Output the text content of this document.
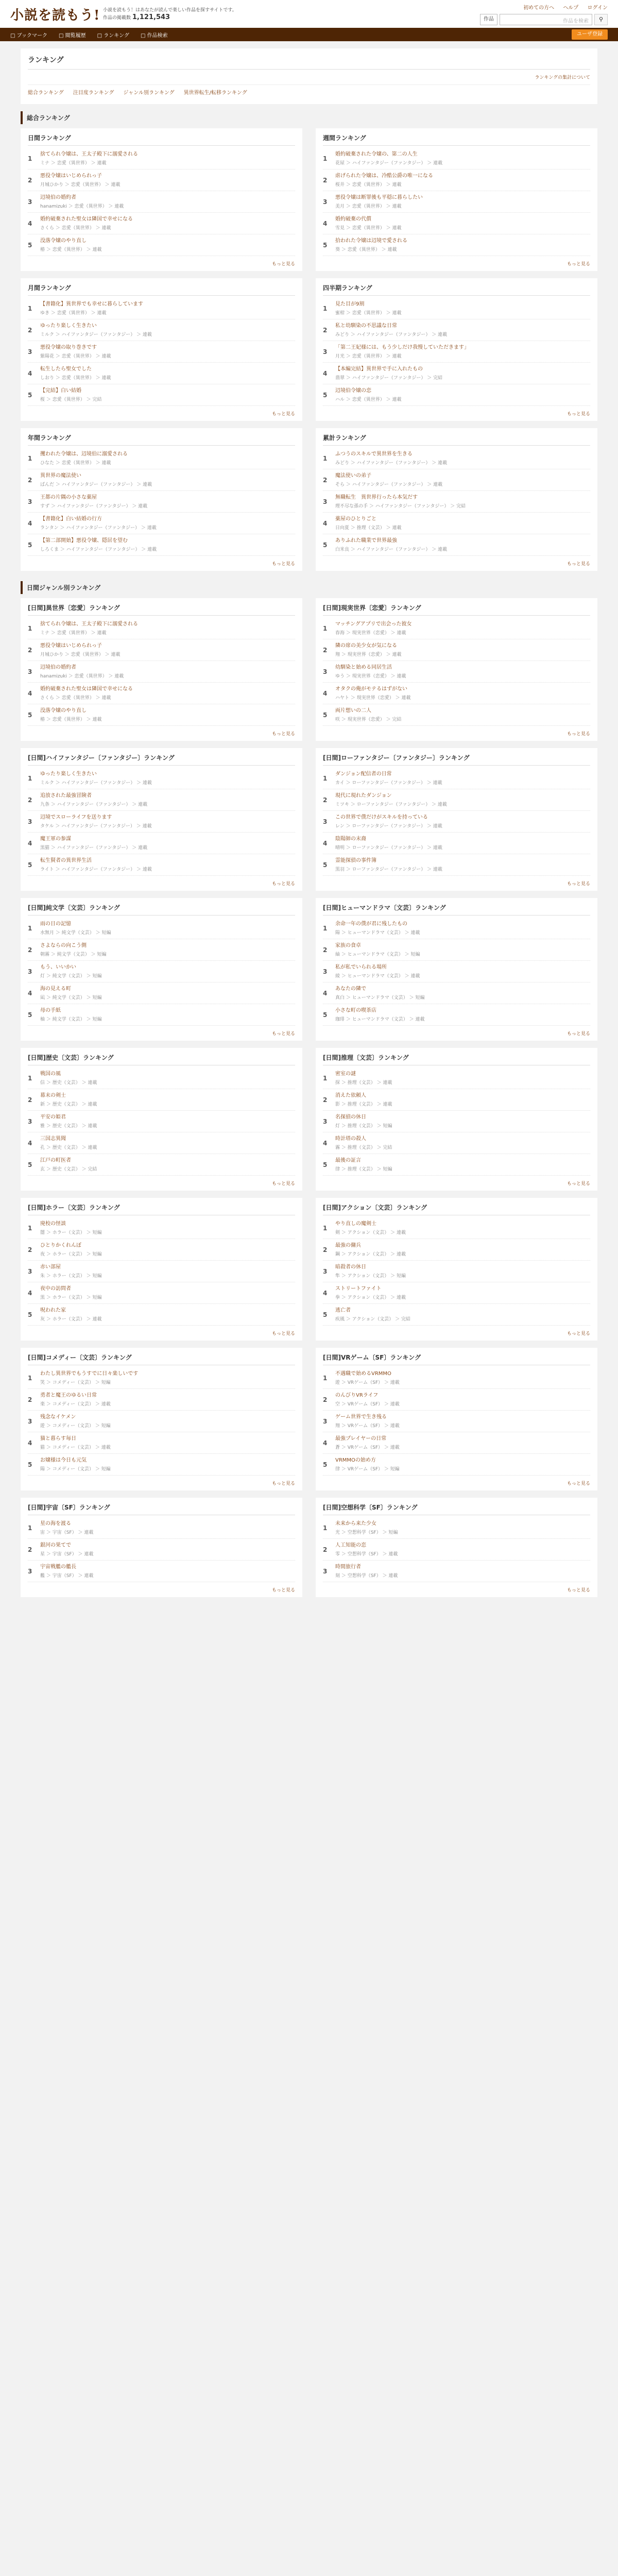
小説を読もう! 小説を読もう！はあなたが読んで楽しい作品を探すサイトです。
作品の掲載数 1,121,543
初めての方へ ヘルプ ログイン
作品	作品を検索	⚲
□ ブックマーク □ 閲覧履歴 □ ランキング □ 作品検索	ユーザ登録
ランキング
ランキングの集計について
総合ランキング 注目度ランキング ジャンル別ランキング 異世界転生/転移ランキング
総合ランキング
日間ランキング
1
捨てられ令嬢は、王太子殿下に溺愛される
ミナ ＞ 恋愛（異世界） ＞ 連載
2
悪役令嬢はいじめられっ子
月城ひかり ＞ 恋愛（異世界） ＞ 連載
3
辺境伯の婚約者
hanamizuki ＞ 恋愛（異世界） ＞ 連載
4
婚約破棄された聖女は隣国で幸せになる
さくら ＞ 恋愛（異世界） ＞ 連載
5
没落令嬢のやり直し
椿 ＞ 恋愛（異世界） ＞ 連載
もっと見る
週間ランキング
1
婚約破棄された令嬢の、第二の人生
花屋 ＞ ハイファンタジー（ファンタジー） ＞ 連載
2
虐げられた令嬢は、冷酷公爵の唯一になる
桜井 ＞ 恋愛（異世界） ＞ 連載
3
悪役令嬢は断罪後も平穏に暮らしたい
美月 ＞ 恋愛（異世界） ＞ 連載
4
婚約破棄の代償
雪見 ＞ 恋愛（異世界） ＞ 連載
5
拾われた令嬢は辺境で愛される
葵 ＞ 恋愛（異世界） ＞ 連載
もっと見る
月間ランキング
1
【書籍化】異世界でも幸せに暮らしています
ゆき ＞ 恋愛（異世界） ＞ 連載
2
ゆったり楽しく生きたい
ミルク ＞ ハイファンタジー（ファンタジー） ＞ 連載
3
悪役令嬢の取り巻きです
紫陽花 ＞ 恋愛（異世界） ＞ 連載
4
転生したら聖女でした
しおり ＞ 恋愛（異世界） ＞ 連載
5
【完結】白い結婚
桜 ＞ 恋愛（異世界） ＞ 完結
もっと見る
四半期ランキング
1
見た目が9割
蜜柑 ＞ 恋愛（異世界） ＞ 連載
2
私と幼馴染の不思議な日常
みどり ＞ ハイファンタジー（ファンタジー） ＞ 連載
3
「第二王妃様には、もう少しだけ我慢していただきます」
月光 ＞ 恋愛（異世界） ＞ 連載
4
【本編完結】異世界で手に入れたもの
翡翠 ＞ ハイファンタジー（ファンタジー） ＞ 完結
5
辺境伯令嬢の恋
ハル ＞ 恋愛（異世界） ＞ 連載
もっと見る
年間ランキング
1
攫われた令嬢は、辺境伯に溺愛される
ひなた ＞ 恋愛（異世界） ＞ 連載
2
異世界の魔法使い
ぱんだ ＞ ハイファンタジー（ファンタジー） ＞ 連載
3
王都の片隅の小さな薬屋
すず ＞ ハイファンタジー（ファンタジー） ＞ 連載
4
【書籍化】白い結婚の行方
ランタン ＞ ハイファンタジー（ファンタジー） ＞ 連載
5
【第二部開始】悪役令嬢、隠居を望む
しろくま ＞ ハイファンタジー（ファンタジー） ＞ 連載
もっと見る
累計ランキング
1
ふつうのスキルで異世界を生きる
みどり ＞ ハイファンタジー（ファンタジー） ＞ 連載
2
魔法使いの弟子
そら ＞ ハイファンタジー（ファンタジー） ＞ 連載
3
無職転生　異世界行ったら本気だす
理不尽な孫の手 ＞ ハイファンタジー（ファンタジー） ＞ 完結
4
薬屋のひとりごと
日向夏 ＞ 推理（文芸） ＞ 連載
5
ありふれた職業で世界最強
白米良 ＞ ハイファンタジー（ファンタジー） ＞ 連載
もっと見る
日間ジャンル別ランキング
[日間]異世界〔恋愛〕ランキング
1
捨てられ令嬢は、王太子殿下に溺愛される
ミナ ＞ 恋愛（異世界） ＞ 連載
2
悪役令嬢はいじめられっ子
月城ひかり ＞ 恋愛（異世界） ＞ 連載
3
辺境伯の婚約者
hanamizuki ＞ 恋愛（異世界） ＞ 連載
4
婚約破棄された聖女は隣国で幸せになる
さくら ＞ 恋愛（異世界） ＞ 連載
5
没落令嬢のやり直し
椿 ＞ 恋愛（異世界） ＞ 連載
もっと見る
[日間]現実世界〔恋愛〕ランキング
1
マッチングアプリで出会った彼女
春海 ＞ 現実世界（恋愛） ＞ 連載
2
隣の席の美少女が気になる
翔 ＞ 現実世界（恋愛） ＞ 連載
3
幼馴染と始める同居生活
ゆう ＞ 現実世界（恋愛） ＞ 連載
4
オタクの俺がモテるはずがない
ハヤト ＞ 現実世界（恋愛） ＞ 連載
5
両片想いの二人
咲 ＞ 現実世界（恋愛） ＞ 完結
もっと見る
[日間]ハイファンタジー〔ファンタジー〕ランキング
1
ゆったり楽しく生きたい
ミルク ＞ ハイファンタジー（ファンタジー） ＞ 連載
2
追放された最強冒険者
九条 ＞ ハイファンタジー（ファンタジー） ＞ 連載
3
辺境でスローライフを送ります
タケル ＞ ハイファンタジー（ファンタジー） ＞ 連載
4
魔王軍の参謀
黒猫 ＞ ハイファンタジー（ファンタジー） ＞ 連載
5
転生賢者の異世界生活
ライト ＞ ハイファンタジー（ファンタジー） ＞ 連載
もっと見る
[日間]ローファンタジー〔ファンタジー〕ランキング
1
ダンジョン配信者の日常
カイ ＞ ローファンタジー（ファンタジー） ＞ 連載
2
現代に現れたダンジョン
ミツキ ＞ ローファンタジー（ファンタジー） ＞ 連載
3
この世界で僕だけがスキルを持っている
レン ＞ ローファンタジー（ファンタジー） ＞ 連載
4
陰陽師の末裔
晴明 ＞ ローファンタジー（ファンタジー） ＞ 連載
5
霊能探偵の事件簿
黒羽 ＞ ローファンタジー（ファンタジー） ＞ 連載
もっと見る
[日間]純文学〔文芸〕ランキング
1
雨の日の記憶
水無月 ＞ 純文学（文芸） ＞ 短編
2
さよならの向こう側
朝霧 ＞ 純文学（文芸） ＞ 短編
3
もう、いいかい
灯 ＞ 純文学（文芸） ＞ 短編
4
海の見える町
凪 ＞ 純文学（文芸） ＞ 短編
5
母の手紙
柚 ＞ 純文学（文芸） ＞ 短編
もっと見る
[日間]ヒューマンドラマ〔文芸〕ランキング
1
余命一年の僕が君に残したもの
陽 ＞ ヒューマンドラマ（文芸） ＞ 連載
2
家族の食卓
紬 ＞ ヒューマンドラマ（文芸） ＞ 短編
3
私が私でいられる場所
綾 ＞ ヒューマンドラマ（文芸） ＞ 連載
4
あなたの隣で
真白 ＞ ヒューマンドラマ（文芸） ＞ 短編
5
小さな町の喫茶店
珈琲 ＞ ヒューマンドラマ（文芸） ＞ 連載
もっと見る
[日間]歴史〔文芸〕ランキング
1
戦国の風
信 ＞ 歴史（文芸） ＞ 連載
2
幕末の剣士
新 ＞ 歴史（文芸） ＞ 連載
3
平安の姫君
雅 ＞ 歴史（文芸） ＞ 連載
4
三国志異聞
孔 ＞ 歴史（文芸） ＞ 連載
5
江戸の町医者
玄 ＞ 歴史（文芸） ＞ 完結
もっと見る
[日間]推理〔文芸〕ランキング
1
密室の謎
探 ＞ 推理（文芸） ＞ 連載
2
消えた依頼人
影 ＞ 推理（文芸） ＞ 連載
3
名探偵の休日
灯 ＞ 推理（文芸） ＞ 短編
4
時計塔の殺人
霧 ＞ 推理（文芸） ＞ 完結
5
最後の証言
律 ＞ 推理（文芸） ＞ 短編
もっと見る
[日間]ホラー〔文芸〕ランキング
1
廃校の怪談
闇 ＞ ホラー（文芸） ＞ 短編
2
ひとりかくれんぼ
夜 ＞ ホラー（文芸） ＞ 短編
3
赤い部屋
朱 ＞ ホラー（文芸） ＞ 短編
4
夜中の訪問者
黒 ＞ ホラー（文芸） ＞ 短編
5
呪われた家
灰 ＞ ホラー（文芸） ＞ 連載
もっと見る
[日間]アクション〔文芸〕ランキング
1
やり直しの魔剣士
剣 ＞ アクション（文芸） ＞ 連載
2
最強の傭兵
鋼 ＞ アクション（文芸） ＞ 連載
3
暗殺者の休日
隼 ＞ アクション（文芸） ＞ 短編
4
ストリートファイト
拳 ＞ アクション（文芸） ＞ 連載
5
逃亡者
疾風 ＞ アクション（文芸） ＞ 完結
もっと見る
[日間]コメディー〔文芸〕ランキング
1
わたし異世界でもうすでに日々楽しいです
笑 ＞ コメディー（文芸） ＞ 短編
2
勇者と魔王のゆるい日常
楽 ＞ コメディー（文芸） ＞ 連載
3
残念なイケメン
遊 ＞ コメディー（文芸） ＞ 短編
4
猫と暮らす毎日
猫 ＞ コメディー（文芸） ＞ 連載
5
お嬢様は今日も元気
陽 ＞ コメディー（文芸） ＞ 短編
もっと見る
[日間]VRゲーム〔SF〕ランキング
1
不遇職で始めるVRMMO
遊 ＞ VRゲーム（SF） ＞ 連載
2
のんびりVRライフ
空 ＞ VRゲーム（SF） ＞ 連載
3
ゲーム世界で生き残る
翔 ＞ VRゲーム（SF） ＞ 連載
4
最強プレイヤーの日常
蒼 ＞ VRゲーム（SF） ＞ 連載
5
VRMMOの始め方
律 ＞ VRゲーム（SF） ＞ 短編
もっと見る
[日間]宇宙〔SF〕ランキング
1
星の海を渡る
宙 ＞ 宇宙（SF） ＞ 連載
2
銀河の果てで
星 ＞ 宇宙（SF） ＞ 連載
3
宇宙戦艦の艦長
艦 ＞ 宇宙（SF） ＞ 連載
もっと見る
[日間]空想科学〔SF〕ランキング
1
未来から来た少女
光 ＞ 空想科学（SF） ＞ 短編
2
人工知能の恋
零 ＞ 空想科学（SF） ＞ 連載
3
時間旅行者
刻 ＞ 空想科学（SF） ＞ 連載
もっと見る
